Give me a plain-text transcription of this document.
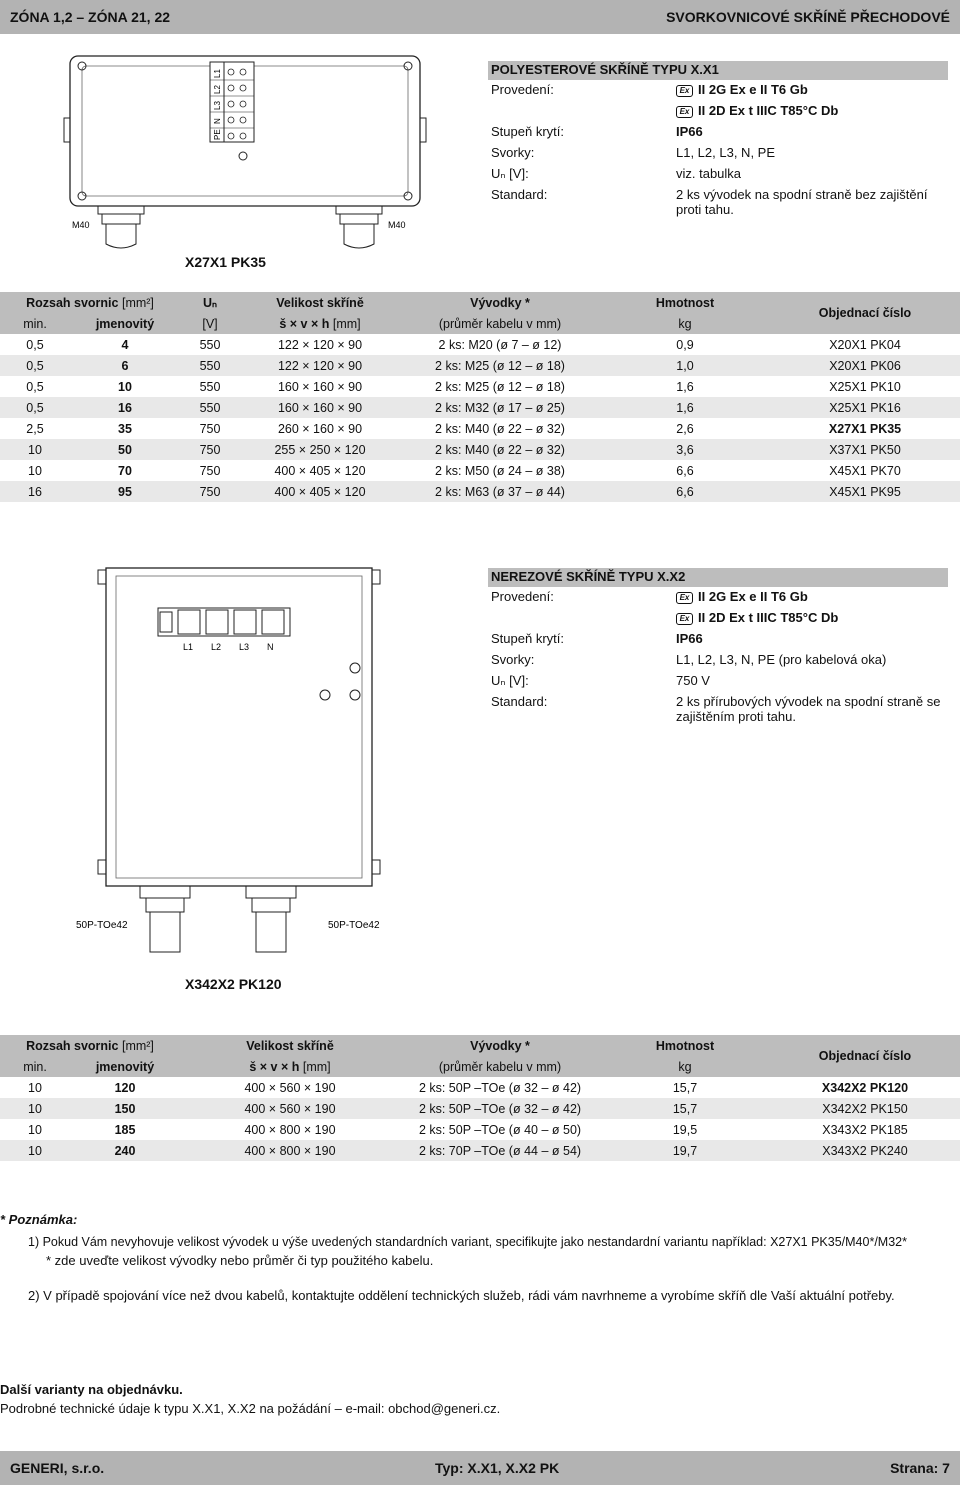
ZÓNA 1,2 – ZÓNA 21, 22	SVORKOVNICOVÉ SKŘÍNĚ PŘECHODOVÉ
L1
L2
L3
N
PE
M40	M40
X27X1 PK35
POLYESTEROVÉ SKŘÍNĚ TYPU X.X1
Provedení:	Ex II 2G Ex e II T6 Gb
Ex II 2D Ex t IIIC T85°C Db
Stupeň krytí:	IP66
Svorky:	L1, L2, L3, N, PE
Uₙ [V]:	viz. tabulka
Standard:	2 ks vývodek na spodní straně bez zajištění proti tahu.
Rozsah svornic [mm²]		Uₙ	Velikost skříně	Vývodky *	Hmotnost	Objednací číslo
min.	jmenovitý	[V]	š × v × h [mm]	(průměr kabelu v mm)	kg	
0,5	4	550	122 × 120 × 90	2 ks: M20 (ø 7 – ø 12)	0,9	X20X1 PK04
0,5	6	550	122 × 120 × 90	2 ks: M25 (ø 12 – ø 18)	1,0	X20X1 PK06
0,5	10	550	160 × 160 × 90	2 ks: M25 (ø 12 – ø 18)	1,6	X25X1 PK10
0,5	16	550	160 × 160 × 90	2 ks: M32 (ø 17 – ø 25)	1,6	X25X1 PK16
2,5	35	750	260 × 160 × 90	2 ks: M40 (ø 22 – ø 32)	2,6	X27X1 PK35
10	50	750	255 × 250 × 120	2 ks: M40 (ø 22 – ø 32)	3,6	X37X1 PK50
10	70	750	400 × 405 × 120	2 ks: M50 (ø 24 – ø 38)	6,6	X45X1 PK70
16	95	750	400 × 405 × 120	2 ks: M63 (ø 37 – ø 44)	6,6	X45X1 PK95
L1 L2 L3 N
50P-TOe42	50P-TOe42
X342X2 PK120
NEREZOVÉ SKŘÍNĚ TYPU X.X2
Provedení:	Ex II 2G Ex e II T6 Gb
Ex II 2D Ex t IIIC T85°C Db
Stupeň krytí:	IP66
Svorky:	L1, L2, L3, N, PE (pro kabelová oka)
Uₙ [V]:	750 V
Standard:	2 ks přírubových vývodek na spodní straně se zajištěním proti tahu.
Rozsah svornic [mm²]		Velikost skříně	Vývodky *	Hmotnost	Objednací číslo
min.	jmenovitý	š × v × h [mm]	(průměr kabelu v mm)	kg	
10	120	400 × 560 × 190	2 ks: 50P –TOe (ø 32 – ø 42)	15,7	X342X2 PK120
10	150	400 × 560 × 190	2 ks: 50P –TOe (ø 32 – ø 42)	15,7	X342X2 PK150
10	185	400 × 800 × 190	2 ks: 50P –TOe (ø 40 – ø 50)	19,5	X343X2 PK185
10	240	400 × 800 × 190	2 ks: 70P –TOe (ø 44 – ø 54)	19,7	X343X2 PK240
* Poznámka:

1) Pokud Vám nevyhovuje velikost vývodek u výše uvedených standardních variant, specifikujte jako nestandardní variantu například: X27X1 PK35/M40*/M32*

* zde uveďte velikost vývodky nebo průměr či typ použitého kabelu.

2) V případě spojování více než dvou kabelů, kontaktujte oddělení technických služeb, rádi vám navrhneme a vyrobíme skříň dle Vaší aktuální potřeby.

Další varianty na objednávku.
Podrobné technické údaje k typu X.X1, X.X2 na požádání – e-mail: obchod@generi.cz.
GENERI, s.r.o.	Typ: X.X1, X.X2 PK	Strana: 7
